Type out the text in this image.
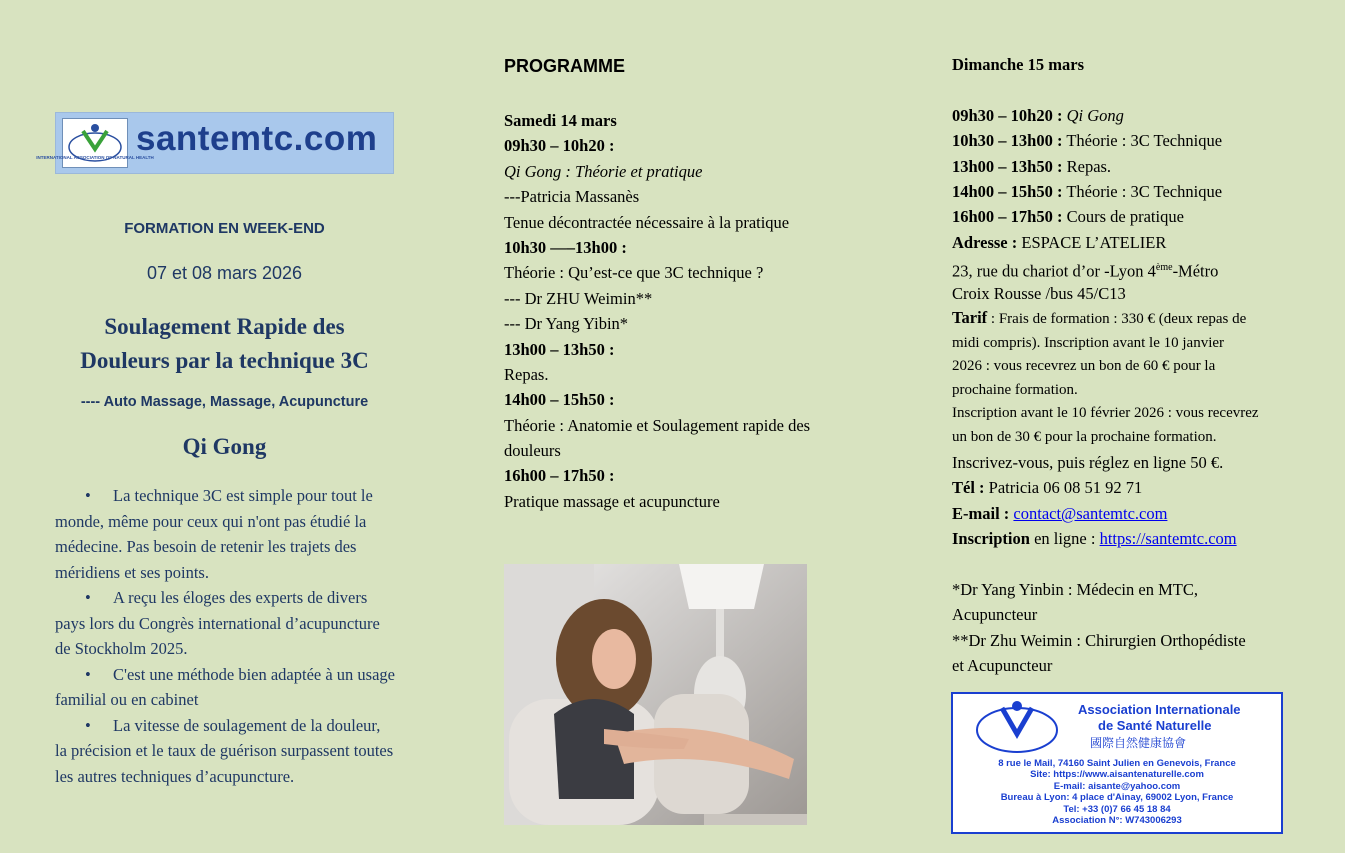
INTERNATIONAL ASSOCIATION OF NATURAL HEALTH
santemtc.com
FORMATION EN WEEK-END
07 et 08 mars 2026
Soulagement Rapide des
Douleurs par la technique 3C
---- Auto Massage, Massage, Acupuncture
Qi Gong

• La technique 3C est simple pour tout le monde, même pour ceux qui n'ont pas étudié la médecine. Pas besoin de retenir les trajets des méridiens et ses points.

• A reçu les éloges des experts de divers pays lors du Congrès international d’acupuncture de Stockholm 2025.

• C'est une méthode bien adaptée à un usage familial ou en cabinet

• La vitesse de soulagement de la douleur, la précision et le taux de guérison surpassent toutes les autres techniques d’acupuncture.

PROGRAMME
Samedi 14 mars
09h30 – 10h20 :
Qi Gong : Théorie et pratique
---Patricia Massanès
Tenue décontractée nécessaire à la pratique
10h30 —–13h00 :
Théorie : Qu’est-ce que 3C technique ?
--- Dr ZHU Weimin**
--- Dr Yang Yibin*
13h00 – 13h50 :
Repas.
14h00 – 15h50 :
Théorie : Anatomie et Soulagement rapide des
douleurs
16h00 – 17h50 :
Pratique massage et acupuncture
Dimanche 15 mars
09h30 – 10h20 : Qi Gong
10h30 – 13h00 : Théorie : 3C Technique
13h00 – 13h50 : Repas.
14h00 – 15h50 : Théorie : 3C Technique
16h00 – 17h50 : Cours de pratique
Adresse : ESPACE L’ATELIER
23, rue du chariot d’or -Lyon 4ème-Métro
Croix Rousse /bus 45/C13
Tarif : Frais de formation : 330 € (deux repas de
midi compris). Inscription avant le 10 janvier
2026 : vous recevrez un bon de 60 € pour la
prochaine formation.
Inscription avant le 10 février 2026 : vous recevrez
un bon de 30 € pour la prochaine formation.
Inscrivez-vous, puis réglez en ligne 50 €.
Tél : Patricia 06 08 51 92 71
E-mail : contact@santemtc.com
Inscription en ligne : https://santemtc.com
*Dr Yang Yinbin : Médecin en MTC,
Acupuncteur
**Dr Zhu Weimin : Chirurgien Orthopédiste
et Acupuncteur
Association Internationale
de Santé Naturelle
國際自然健康協會
8 rue le Mail, 74160 Saint Julien en Genevois, France
Site: https://www.aisantenaturelle.com
E-mail: aisante@yahoo.com
Bureau à Lyon: 4 place d'Ainay, 69002 Lyon, France
Tel: +33 (0)7 66 45 18 84
Association N°: W743006293
